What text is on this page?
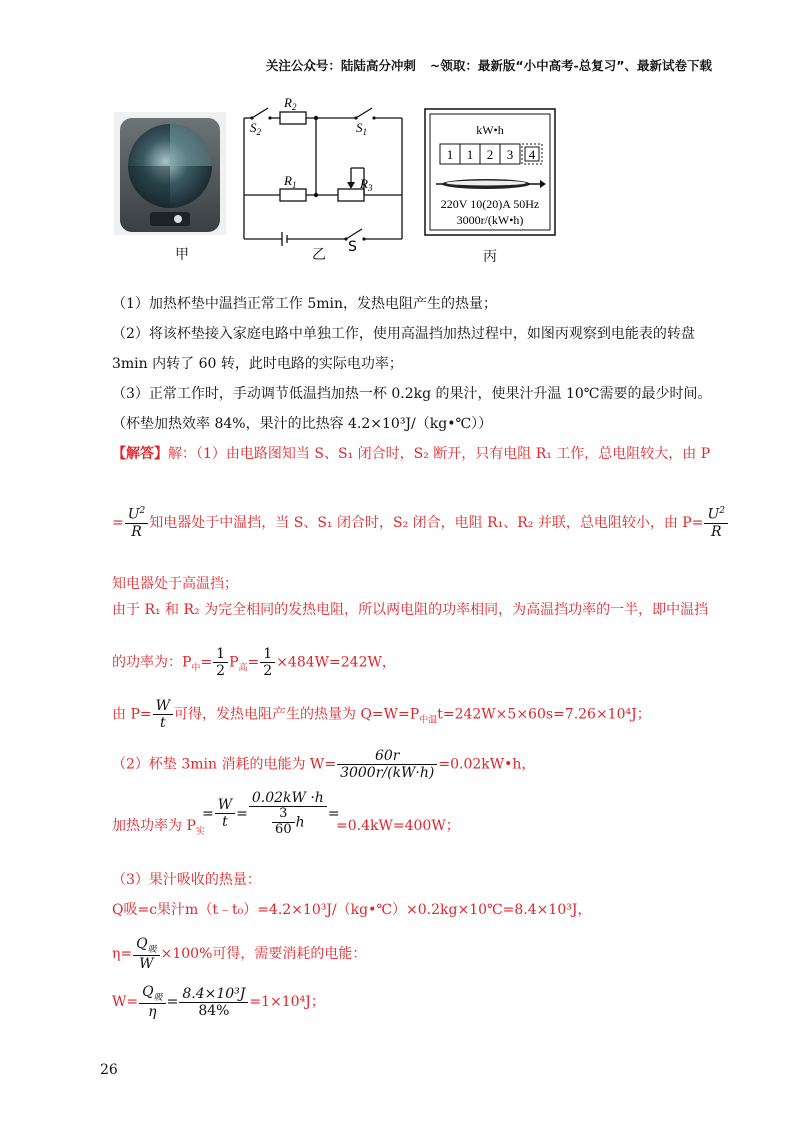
关注公众号：陆陆高分冲刺 ~领取：最新版“小中高考-总复习”、最新试卷下载
$S_2$
$R_2$
$S_1$
$R_1$	$R_3$
S
kW•h
1 1 2 3 4
220V 10(20)A 50Hz
3000r/(kW•h)
甲	乙	丙
（1）加热杯垫中温挡正常工作 5min，发热电阻产生的热量；
（2）将该杯垫接入家庭电路中单独工作，使用高温挡加热过程中，如图丙观察到电能表的转盘
3min 内转了 60 转，此时电路的实际电功率；
（3）正常工作时，手动调节低温挡加热一杯 0.2kg 的果汁，使果汁升温 10℃需要的最少时间。
（杯垫加热效率 84%，果汁的比热容 4.2×10³J/（kg•℃））
【解答】解：（1）由电路图知当 S、S₁ 闭合时，S₂ 断开，只有电阻 R₁ 工作，总电阻较大，由 P
= $\frac{U^2}{R}$ 知电器处于中温挡，当 S、S₁ 闭合时，S₂ 闭合，电阻 R₁、R₂ 并联，总电阻较小，由 $P= \frac{U^2}{R}$
知电器处于高温挡；
由于 R₁ 和 R₂ 为完全相同的发热电阻，所以两电阻的功率相同，为高温挡功率的一半，即中温挡
的功率为：$P_中= \frac{1}{2} P_高= \frac{1}{2} \times 484W=242W$，
由 $P= \frac{W}{t}$ 可得，发热电阻产生的热量为 $Q=W=P_{中温}t=242W\times 5\times 60s=7.26\times 10^4J$；
（2）杯垫 3min 消耗的电能为 $W= \frac{60r}{3000r/(kW\cdot h)}$ =0.02kW•h，
加热功率为 $P_实$
= $\frac{W}{t} = \frac{0.02kW \cdot h}{\frac{3}{60} h}$ =
=0.4kW=400W；
（3）果汁吸收的热量：
Q吸=c果汁m（t﹣t₀）=4.2×10³J/（kg•℃）×0.2kg×10℃=8.4×10³J，
$\eta= \frac{Q_吸}{W} \times 100\%$可得，需要消耗的电能：
$W= \frac{Q_吸}{\eta} = \frac{\text{8.4×10³J}}{84\%} =1\times 10^4J$；
26
